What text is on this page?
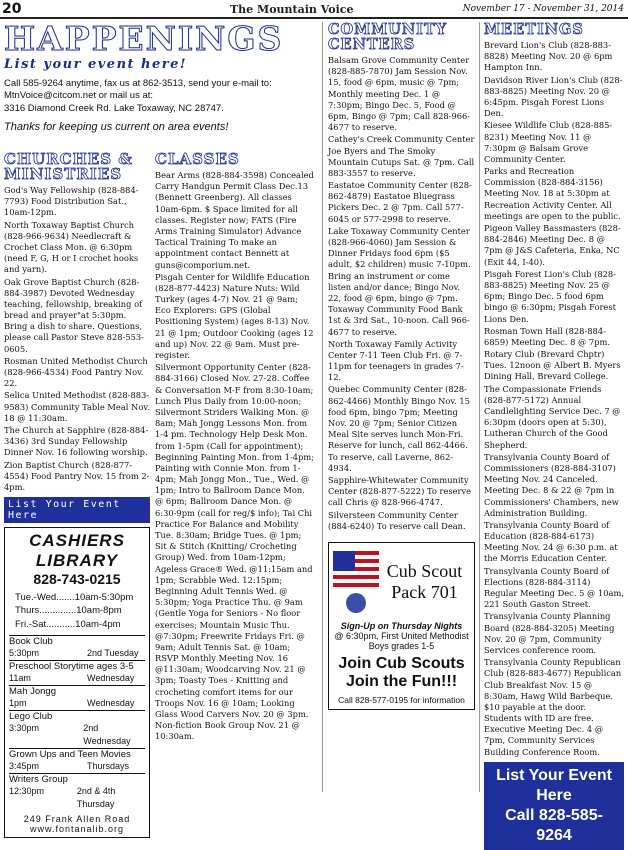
20	The Mountain Voice	November 17 - November 31, 2014
HAPPENINGS
List your event here!
Call 585-9264 anytime, fax us at 862-3513, send your e-mail to: MtnVoice@citcom.net or mail us at:
3316 Diamond Creek Rd. Lake Toxaway, NC 28747.
Thanks for keeping us current on area events!
CHURCHES & MINISTRIES
God's Way Fellowship (828-884-7793) Food Distribution Sat., 10am-12pm.
North Toxaway Baptist Church (828-966-9634) Needlecraft & Crochet Class Mon. @ 6:30pm (need F, G, H or I crochet hooks and yarn).
Oak Grove Baptist Church (828-884-3987) Devoted Wednesday teaching, fellowship, breaking of bread and prayer"at 5:30pm. Bring a dish to share. Questions, please call Pastor Steve 828-553-0605.
Rosman United Methodist Church (828-966-4534) Food Pantry Nov. 22.
Selica United Methodist (828-883-9583) Community Table Meal Nov. 18 @ 11:30am.
The Church at Sapphire (828-884-3436) 3rd Sunday Fellowship Dinner Nov. 16 following worship.
Zion Baptist Church (828-877-4554) Food Pantry Nov. 15 from 2-4pm.
List Your Event Here
CASHIERS LIBRARY
828-743-0215
Tue.-Wed.......10am-5:30pm
Thurs..............10am-8pm
Fri.-Sat...........10am-4pm
Book Club
5:30pm	2nd Tuesday
Preschool Storytime ages 3-5
11am	Wednesday
Mah Jongg
1pm	Wednesday
Lego Club
3:30pm	2nd Wednesday
Grown Ups and Teen Movies
3:45pm	Thursdays
Writers Group
12:30pm	2nd & 4th Thursday
249 Frank Allen Road
www.fontanalib.org
CLASSES
Bear Arms (828-884-3598) Concealed Carry Handgun Permit Class Dec.13 (Bennett Greenberg). All classes 10am-6pm. $ Space limited for all classes. Register now; FATS (Fire Arms Training Simulator) Advance Tactical Training To make an appointment contact Bennett at guns@comporium.net.
Pisgah Center for Wildlife Education (828-877-4423) Nature Nuts: Wild Turkey (ages 4-7) Nov. 21 @ 9am; Eco Explorers: GPS (Global Positioning System) (ages 8-13) Nov. 21 @ 1pm; Outdoor Cooking (ages 12 and up) Nov. 22 @ 9am. Must pre-register.
Silvermont Opportunity Center (828-884-3166) Closed Nov. 27-28. Coffee & Conversation M-F from 8:30-10am; Lunch Plus Daily from 10:00-noon; Silvermont Striders Walking Mon. @ 8am; Mah Jongg Lessons Mon. from 1-4 pm. Technology Help Desk Mon. from 1-5pm (Call for appointment); Beginning Painting Mon. from 1-4pm; Painting with Connie Mon. from 1-4pm; Mah Jongg Mon., Tue., Wed. @ 1pm; Intro to Ballroom Dance Mon. @ 6pm; Ballroom Dance Mon. @ 6:30-9pm (call for reg/$ info); Tai Chi Practice For Balance and Mobility Tue. 8:30am; Bridge Tues. @ 1pm; Sit & Stitch (Knitting/ Crocheting Group) Wed. from 10am-12pm; Ageless Grace® Wed. @11:15am and 1pm; Scrabble Wed. 12:15pm; Beginning Adult Tennis Wed. @ 5:30pm; Yoga Practice Thu. @ 9am (Gentle Yoga for Seniors - No floor exercises; Mountain Music Thu. @7:30pm; Freewrite Fridays Fri. @ 9am; Adult Tennis Sat. @ 10am; RSVP Monthly Meeting Nov. 16 @11:30am; Woodcarving Nov. 21 @ 3pm; Toasty Toes - Knitting and crocheting comfort items for our Troops Nov. 16 @ 10am; Looking Glass Wood Carvers Nov. 20 @ 3pm. Non-fiction Book Group Nov. 21 @ 10:30am.
COMMUNITY CENTERS
Balsam Grove Community Center (828-885-7870) Jam Session Nov. 15, food @ 6pm, music @ 7pm; Monthly meeting Dec. 1 @ 7:30pm; Bingo Dec. 5, Food @ 6pm, Bingo @ 7pm; Call 828-966-4677 to reserve.
Cathey's Creek Community Center Joe Byers and The Smoky Mountain Cutups Sat. @ 7pm. Call 883-3557 to reserve.
Eastatoe Community Center (828-862-4879) Eastatoe Bluegrass Pickers Dec. 2 @ 7pm. Call 577-6045 or 577-2998 to reserve.
Lake Toxaway Community Center (828-966-4060) Jam Session & Dinner Fridays food 6pm ($5 adult, $2 children) music 7-10pm. Bring an instrument or come listen and/or dance; Bingo Nov. 22, food @ 6pm, bingo @ 7pm. Toxaway Community Food Bank 1st & 3rd Sat., 10-noon. Call 966-4677 to reserve.
North Toxaway Family Activity Center 7-11 Teen Club Fri. @ 7-11pm for teenagers in grades 7-12.
Quebec Community Center (828-862-4466) Monthly Bingo Nov. 15 food 6pm, bingo 7pm; Meeting Nov. 20 @ 7pm; Senior Citizen Meal Site serves lunch Mon-Fri. Reserve for lunch, call 862-4466. To reserve, call Laverne, 862-4934.
Sapphire-Whitewater Community Center (828-877-5222) To reserve call Chris @ 828-966-4747.
Silversteen Community Center (884-6240) To reserve call Dean.
Cub Scout
Pack 701
Sign-Up on Thursday Nights
@ 6:30pm, First United Methodist
Boys grades 1-5
Join Cub Scouts
Join the Fun!!!
Call 828-577-0195 for information
MEETINGS
Brevard Lion's Club (828-883-8828) Meeting Nov. 20 @ 6pm Hampton Inn.
Davidson River Lion's Club (828-883-8825) Meeting Nov. 20 @ 6:45pm. Pisgah Forest Lions Den.
Kiesee Wildlife Club (828-885-8231) Meeting Nov. 11 @ 7:30pm @ Balsam Grove Community Center.
Parks and Recreation Commission (828-884-3156) Meeting Nov. 18 at 5:30pm at Recreation Activity Center. All meetings are open to the public.
Pigeon Valley Bassmasters (828-884-2846) Meeting Dec. 8 @ 7pm @ J&S Cafeteria, Enka, NC (Exit 44, I-40).
Pisgah Forest Lion's Club (828-883-8825) Meeting Nov. 25 @ 6pm; Bingo Dec. 5 food 6pm bingo @ 6:30pm; Pisgah Forest Lions Den.
Rosman Town Hall (828-884-6859) Meeting Dec. 8 @ 7pm.
Rotary Club (Brevard Chptr) Tues. 12noon @ Albert B. Myers Dining Hall, Brevard College.
The Compassionate Friends (828-877-5172) Annual Candlelighting Service Dec. 7 @ 6:30pm (doors open at 5:30), Lutheran Church of the Good Shepherd.
Transylvania County Board of Commissioners (828-884-3107) Meeting Nov. 24 Canceled. Meeting Dec. 8 & 22 @ 7pm in Commissioners' Chambers, new Administration Building.
Transylvania County Board of Education (828-884-6173) Meeting Nov. 24 @ 6:30 p.m. at the Morris Education Center.
Transylvania County Board of Elections (828-884-3114) Regular Meeting Dec. 5 @ 10am, 221 South Gaston Street.
Transylvania County Planning Board (828-884-3205) Meeting Nov. 20 @ 7pm, Community Services conference room.
Transylvania County Republican Club (828-883-4677) Republican Club Breakfast Nov. 15 @ 8:30am, Hawg Wild Barbeque. $10 payable at the door. Students with ID are free. Executive Meeting Dec. 4 @ 7pm, Community Services Building Conference Room.
List Your Event Here
Call 828-585-9264
